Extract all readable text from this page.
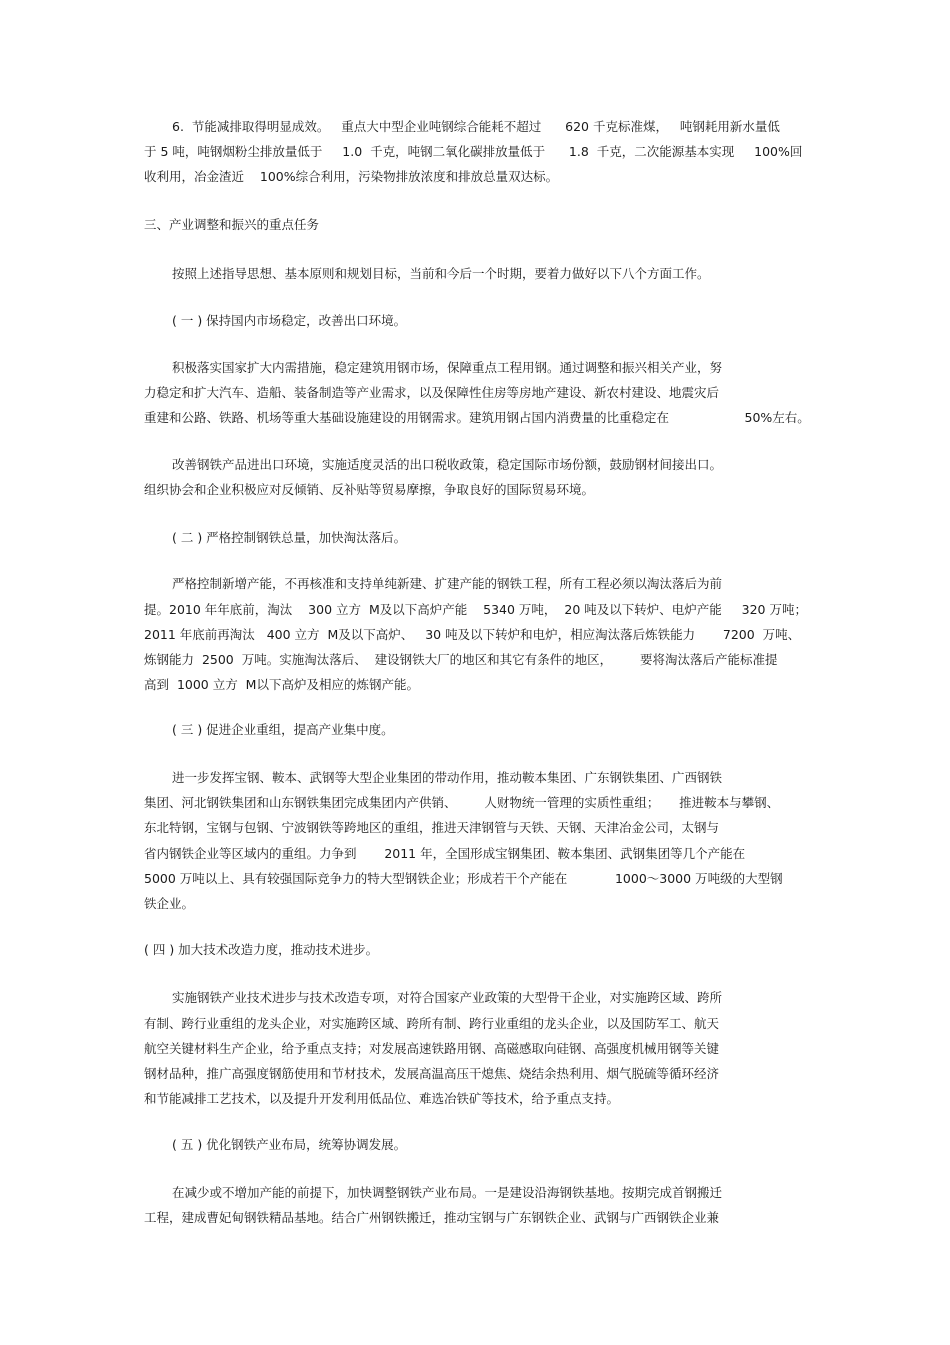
6.  节能减排取得明显成效。   重点大中型企业吨钢综合能耗不超过      620 千克标准煤，   吨钢耗用新水量低
于 5 吨，吨钢烟粉尘排放量低于     1.0  千克，吨钢二氧化碳排放量低于      1.8  千克，二次能源基本实现     100%回
收利用，冶金渣近    100%综合利用，污染物排放浓度和排放总量双达标。
三、产业调整和振兴的重点任务
按照上述指导思想、基本原则和规划目标，当前和今后一个时期，要着力做好以下八个方面工作。
( 一 ) 保持国内市场稳定，改善出口环境。
积极落实国家扩大内需措施，稳定建筑用钢市场，保障重点工程用钢。通过调整和振兴相关产业，努
力稳定和扩大汽车、造船、装备制造等产业需求，以及保障性住房等房地产建设、新农村建设、地震灾后
重建和公路、铁路、机场等重大基础设施建设的用钢需求。建筑用钢占国内消费量的比重稳定在                   50%左右。
改善钢铁产品进出口环境，实施适度灵活的出口税收政策，稳定国际市场份额，鼓励钢材间接出口。
组织协会和企业积极应对反倾销、反补贴等贸易摩擦，争取良好的国际贸易环境。
( 二 ) 严格控制钢铁总量，加快淘汰落后。
严格控制新增产能，不再核准和支持单纯新建、扩建产能的钢铁工程，所有工程必须以淘汰落后为前
提。2010 年年底前，淘汰    300 立方  M及以下高炉产能    5340 万吨，  20 吨及以下转炉、电炉产能     320 万吨；
2011 年底前再淘汰   400 立方  M及以下高炉、   30 吨及以下转炉和电炉，相应淘汰落后炼铁能力       7200  万吨、
炼钢能力  2500  万吨。实施淘汰落后、  建设钢铁大厂的地区和其它有条件的地区，       要将淘汰落后产能标准提
高到  1000 立方  M以下高炉及相应的炼钢产能。
( 三 ) 促进企业重组，提高产业集中度。
进一步发挥宝钢、鞍本、武钢等大型企业集团的带动作用，推动鞍本集团、广东钢铁集团、广西钢铁
集团、河北钢铁集团和山东钢铁集团完成集团内产供销、       人财物统一管理的实质性重组；     推进鞍本与攀钢、
东北特钢，宝钢与包钢、宁波钢铁等跨地区的重组，推进天津钢管与天铁、天钢、天津冶金公司，太钢与
省内钢铁企业等区域内的重组。力争到       2011 年，全国形成宝钢集团、鞍本集团、武钢集团等几个产能在
5000 万吨以上、具有较强国际竞争力的特大型钢铁企业；形成若干个产能在            1000～3000 万吨级的大型钢
铁企业。
( 四 ) 加大技术改造力度，推动技术进步。
实施钢铁产业技术进步与技术改造专项，对符合国家产业政策的大型骨干企业，对实施跨区域、跨所
有制、跨行业重组的龙头企业，对实施跨区域、跨所有制、跨行业重组的龙头企业，以及国防军工、航天
航空关键材料生产企业，给予重点支持；对发展高速铁路用钢、高磁感取向硅钢、高强度机械用钢等关键
钢材品种，推广高强度钢筋使用和节材技术，发展高温高压干熄焦、烧结余热利用、烟气脱硫等循环经济
和节能减排工艺技术，以及提升开发利用低品位、难选冶铁矿等技术，给予重点支持。
( 五 ) 优化钢铁产业布局，统筹协调发展。
在减少或不增加产能的前提下，加快调整钢铁产业布局。一是建设沿海钢铁基地。按期完成首钢搬迁
工程，建成曹妃甸钢铁精品基地。结合广州钢铁搬迁，推动宝钢与广东钢铁企业、武钢与广西钢铁企业兼
